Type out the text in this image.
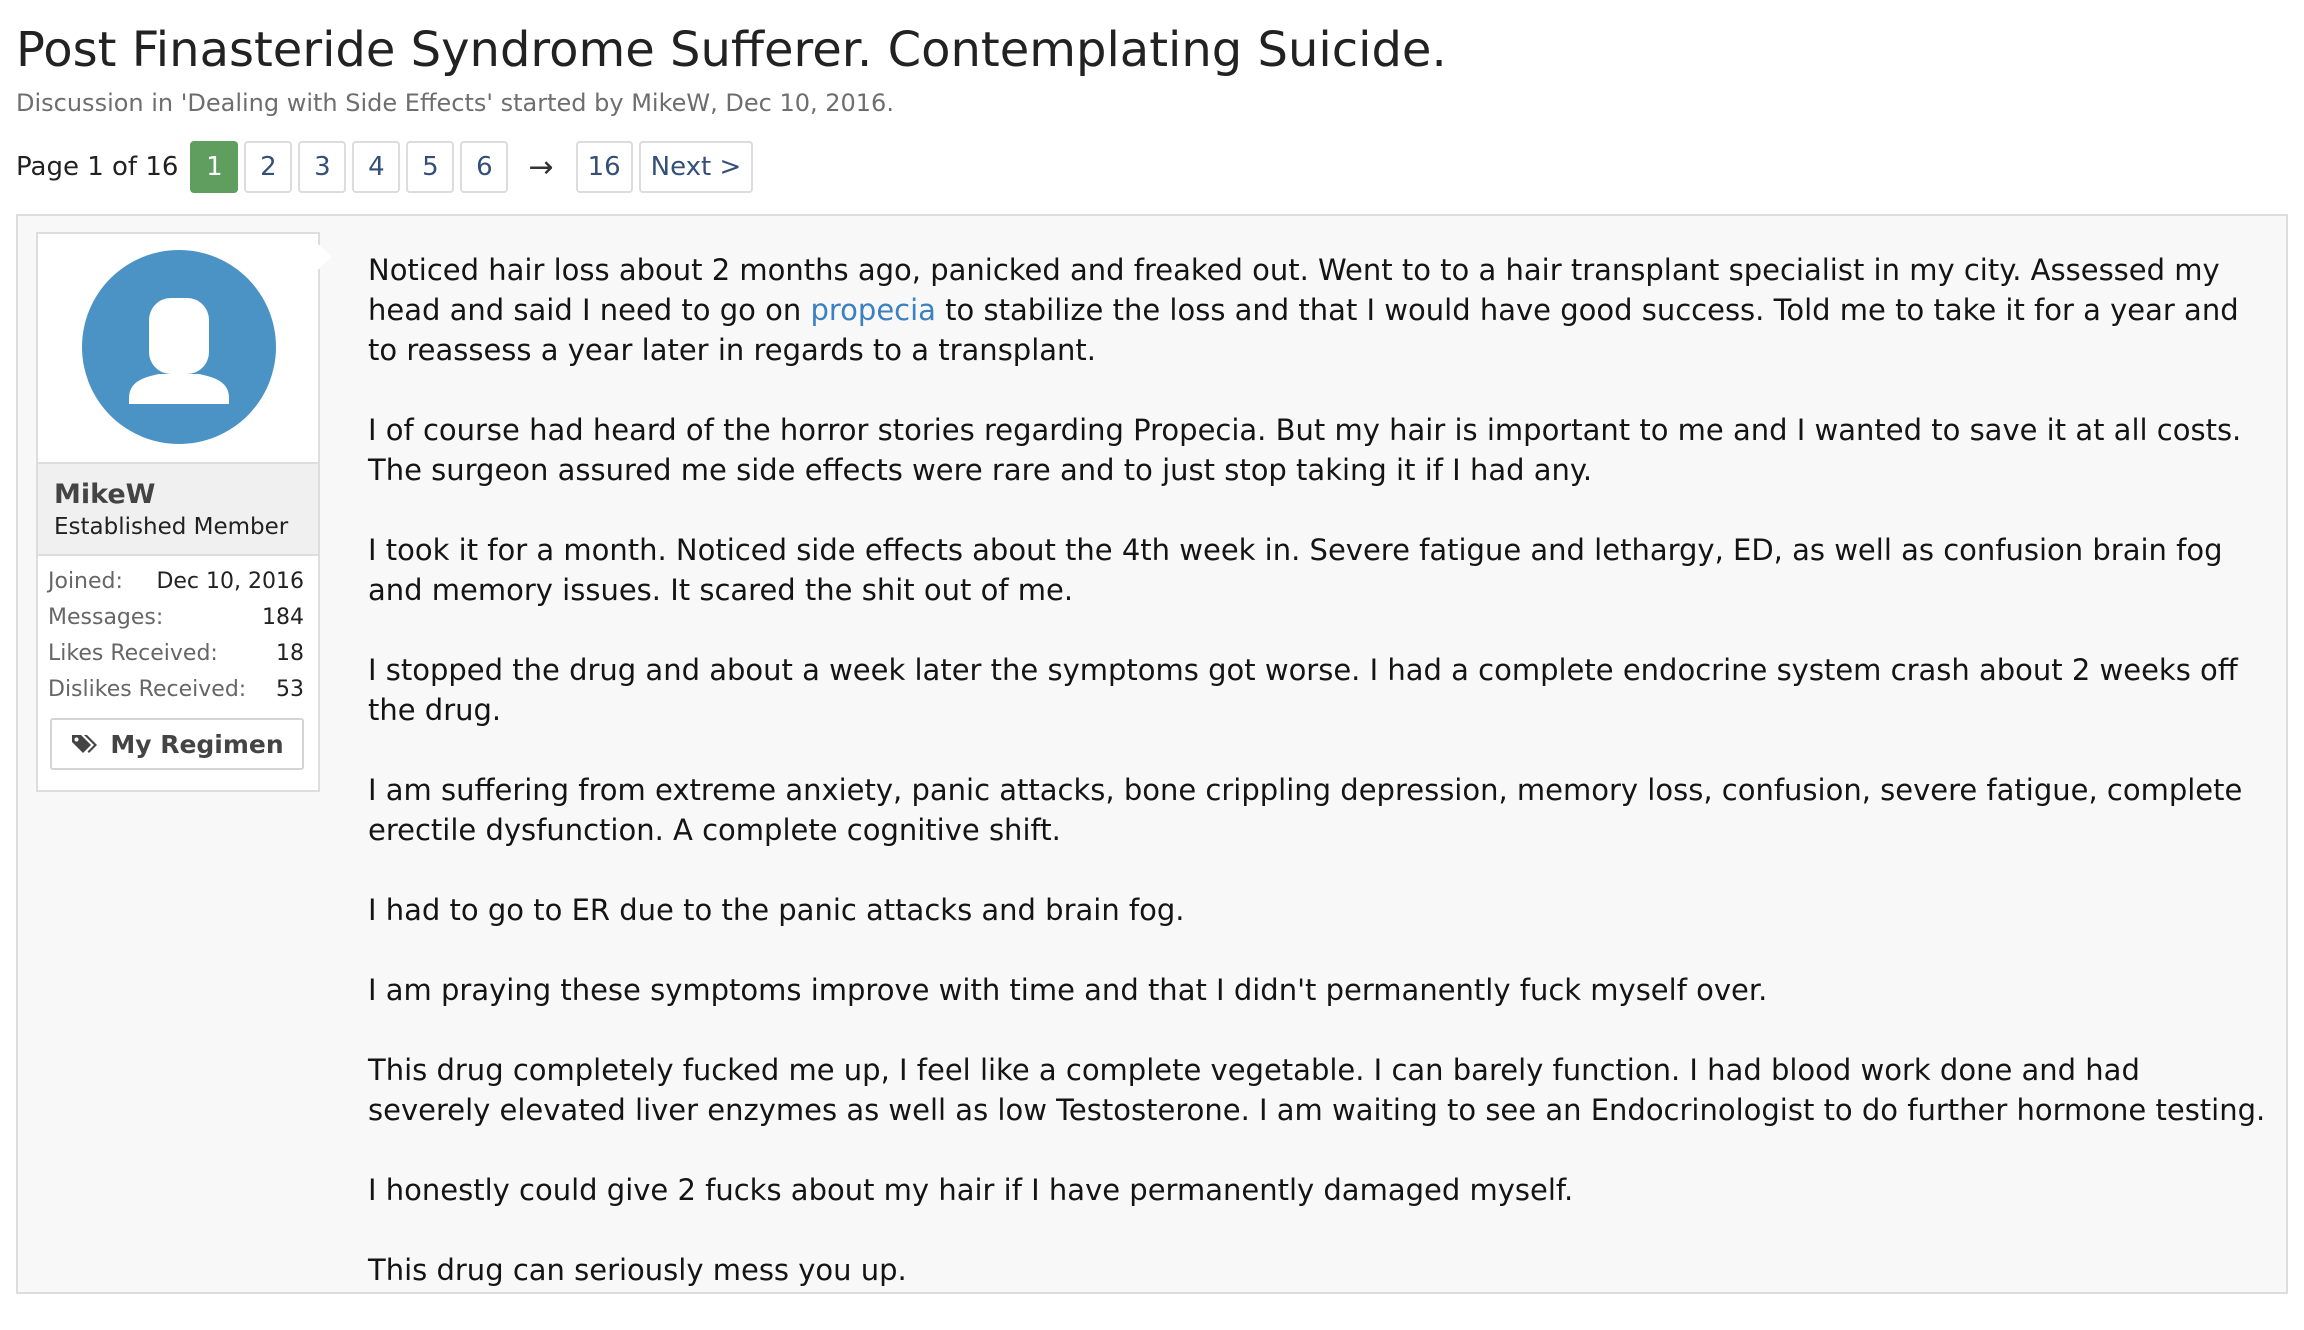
Post Finasteride Syndrome Sufferer. Contemplating Suicide.
Discussion in 'Dealing with Side Effects' started by MikeW, Dec 10, 2016.
Page 1 of 16	1	2	3	4	5	6	→	16	Next >
MikeW
Established Member
Joined: Dec 10, 2016
Messages:	184
Likes Received:	18
Dislikes Received: 53
My Regimen

Noticed hair loss about 2 months ago, panicked and freaked out. Went to to a hair transplant specialist in my city. Assessed my head and said I need to go on propecia to stabilize the loss and that I would have good success. Told me to take it for a year and to reassess a year later in regards to a transplant.

I of course had heard of the horror stories regarding Propecia. But my hair is important to me and I wanted to save it at all costs. The surgeon assured me side effects were rare and to just stop taking it if I had any.

I took it for a month. Noticed side effects about the 4th week in. Severe fatigue and lethargy, ED, as well as confusion brain fog and memory issues. It scared the shit out of me.

I stopped the drug and about a week later the symptoms got worse. I had a complete endocrine system crash about 2 weeks off the drug.

I am suffering from extreme anxiety, panic attacks, bone crippling depression, memory loss, confusion, severe fatigue, complete erectile dysfunction. A complete cognitive shift.

I had to go to ER due to the panic attacks and brain fog.

I am praying these symptoms improve with time and that I didn't permanently fuck myself over.

This drug completely fucked me up, I feel like a complete vegetable. I can barely function. I had blood work done and had severely elevated liver enzymes as well as low Testosterone. I am waiting to see an Endocrinologist to do further hormone testing.

I honestly could give 2 fucks about my hair if I have permanently damaged myself.

This drug can seriously mess you up.
